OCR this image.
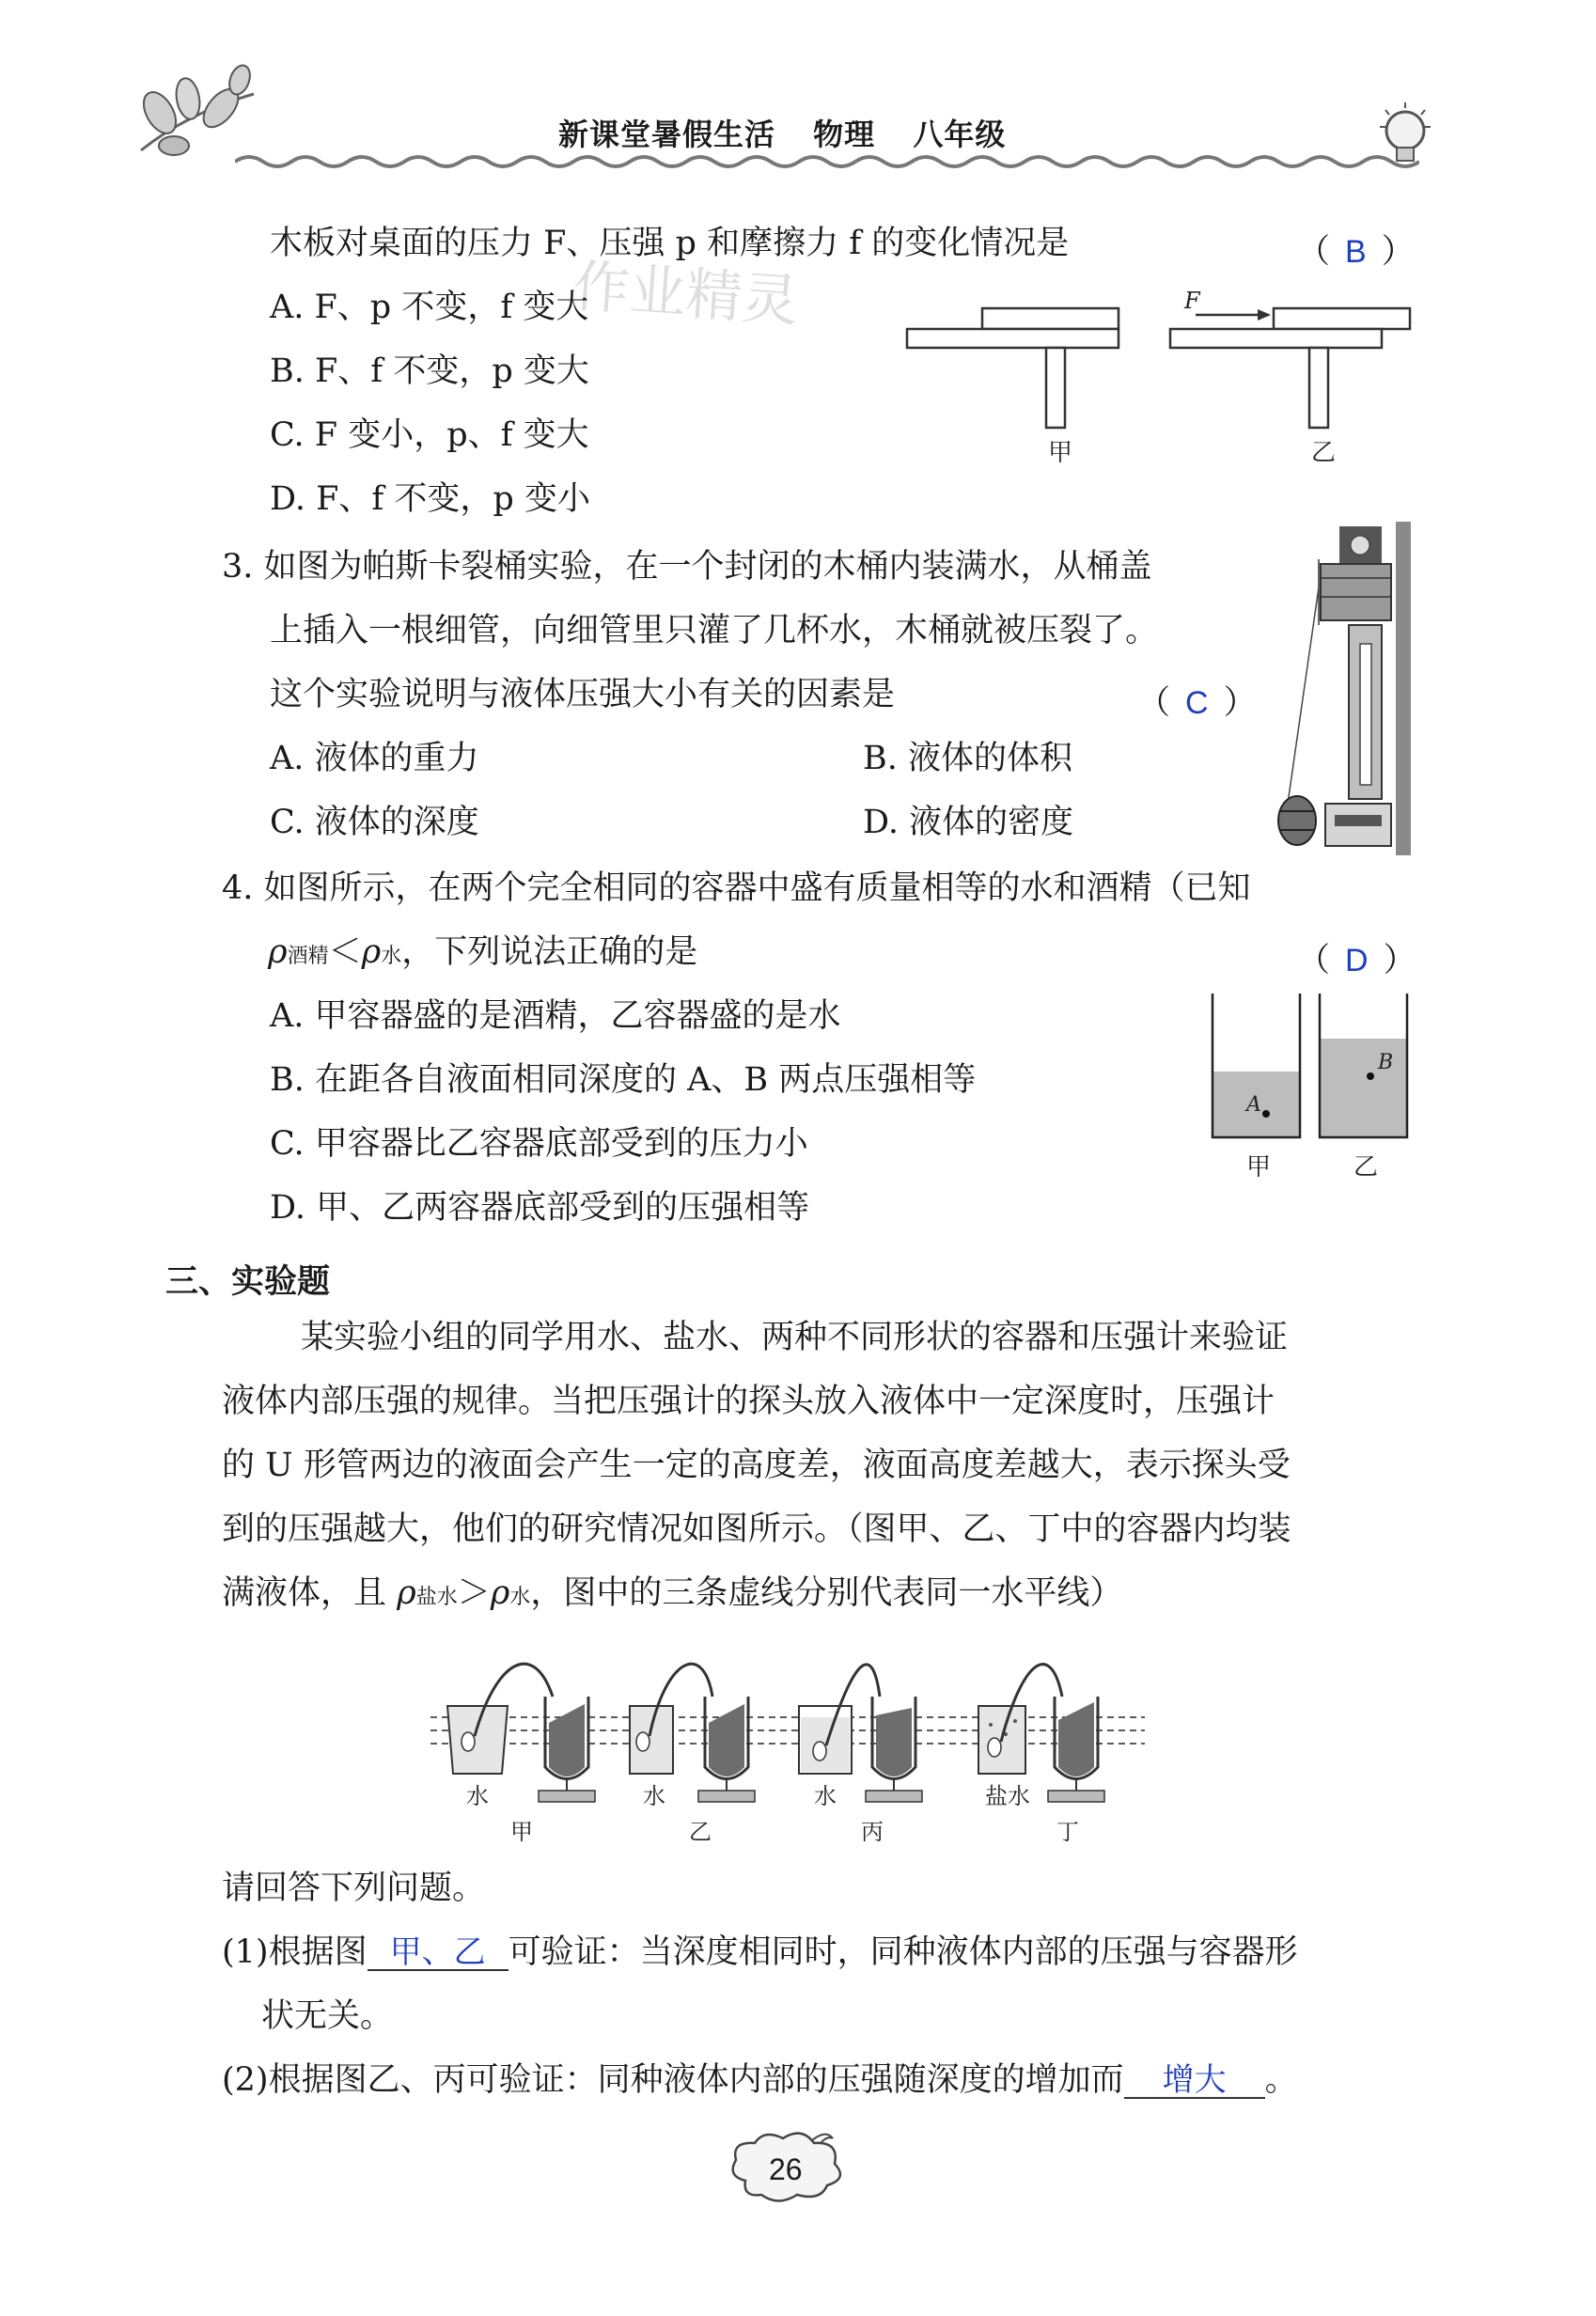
新课堂暑假生活 物理 八年级
作业精灵
木板对桌面的压力 F、压强 p 和摩擦力 f 的变化情况是	（ B ）
A. F、p 不变，f 变大
B. F、f 不变，p 变大
C. F 变小，p、f 变大
D. F、f 不变，p 变小
甲
F
乙
3. 如图为帕斯卡裂桶实验，在一个封闭的木桶内装满水，从桶盖
上插入一根细管，向细管里只灌了几杯水，木桶就被压裂了。
这个实验说明与液体压强大小有关的因素是	（ C ）
A. 液体的重力	B. 液体的体积
C. 液体的深度	D. 液体的密度
4. 如图所示，在两个完全相同的容器中盛有质量相等的水和酒精（已知
ρ酒精＜ρ水，下列说法正确的是	（ D ）
A. 甲容器盛的是酒精，乙容器盛的是水
B. 在距各自液面相同深度的 A、B 两点压强相等
C. 甲容器比乙容器底部受到的压力小
D. 甲、乙两容器底部受到的压强相等
A
甲
B
乙
三、实验题
某实验小组的同学用水、盐水、两种不同形状的容器和压强计来验证
液体内部压强的规律。当把压强计的探头放入液体中一定深度时，压强计
的 U 形管两边的液面会产生一定的高度差，液面高度差越大，表示探头受
到的压强越大，他们的研究情况如图所示。（图甲、乙、丁中的容器内均装
满液体，且 ρ盐水＞ρ水，图中的三条虚线分别代表同一水平线）
水
甲
水
乙
水
丙
盐水
丁
请回答下列问题。
(1)根据图 甲、乙 可验证：当深度相同时，同种液体内部的压强与容器形
状无关。
(2)根据图乙、丙可验证：同种液体内部的压强随深度的增加而 增大 。
26
